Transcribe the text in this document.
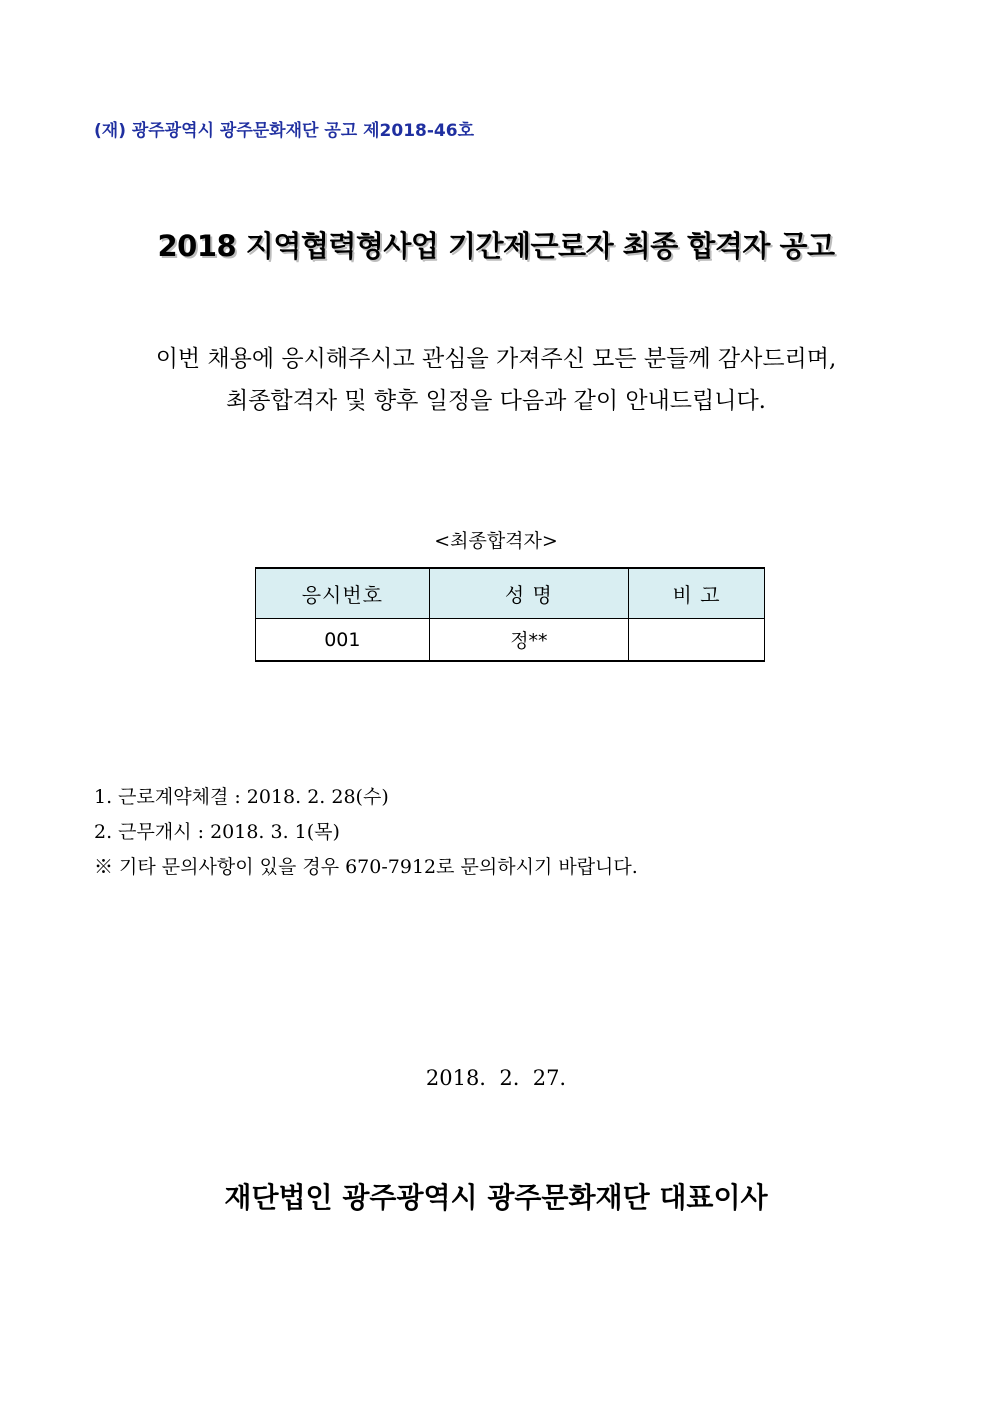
(재) 광주광역시 광주문화재단 공고 제2018-46호

2018 지역협력형사업 기간제근로자 최종 합격자 공고

이번 채용에 응시해주시고 관심을 가져주신 모든 분들께 감사드리며,

최종합격자 및 향후 일정을 다음과 같이 안내드립니다.

<최종합격자>

응시번호	성 명	비 고
001	정**	
1. 근로계약체결 : 2018. 2. 28(수)
2. 근무개시 : 2018. 3. 1(목)
※ 기타 문의사항이 있을 경우 670-7912로 문의하시기 바랍니다.

2018.  2.  27.

재단법인 광주광역시 광주문화재단 대표이사
